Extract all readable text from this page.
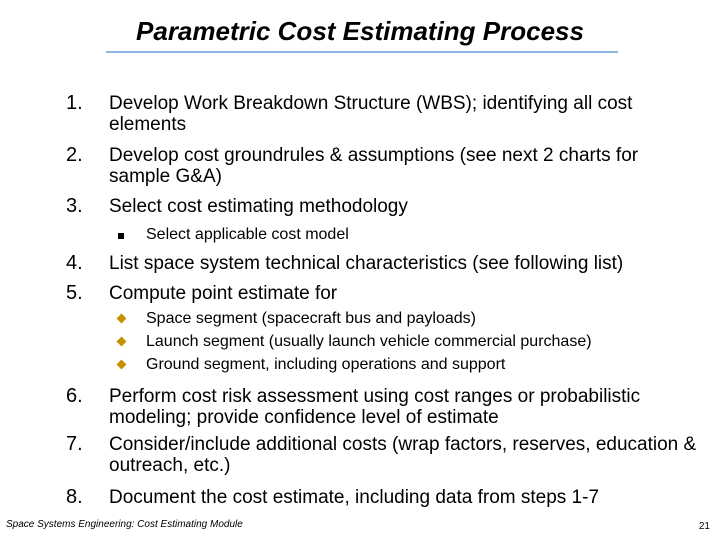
Parametric Cost Estimating Process
1. Develop Work Breakdown Structure (WBS); identifying all cost elements
2. Develop cost groundrules & assumptions (see next 2 charts for sample G&A)
3. Select cost estimating methodology
Select applicable cost model
4. List space system technical characteristics (see following list)
5. Compute point estimate for
Space segment (spacecraft bus and payloads)
Launch segment (usually launch vehicle commercial purchase)
Ground segment, including operations and support
6. Perform cost risk assessment using cost ranges or probabilistic modeling; provide confidence level of estimate
7. Consider/include additional costs (wrap factors, reserves, education & outreach, etc.)
8. Document the cost estimate, including data from steps 1-7
Space Systems Engineering: Cost Estimating Module	21
